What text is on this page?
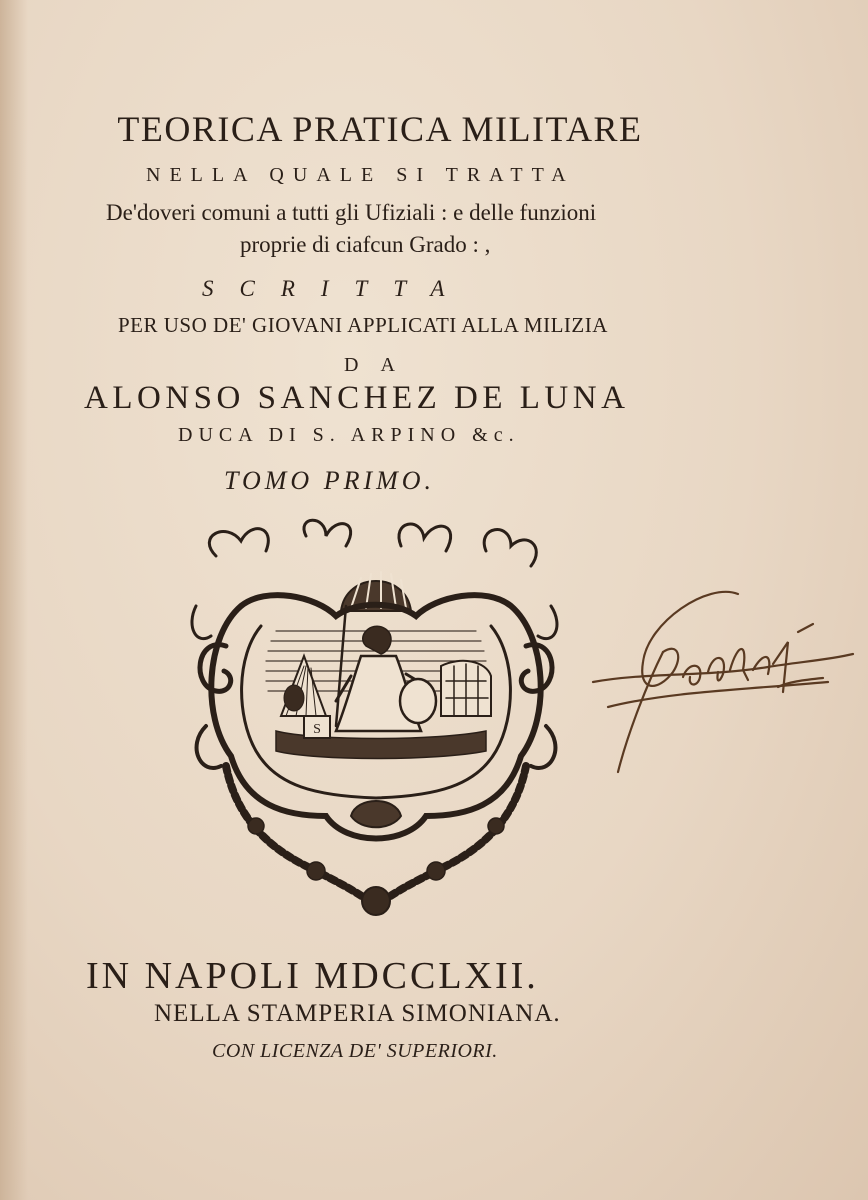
TEORICA PRATICA MILITARE
NELLA QUALE SI TRATTA
De'doveri comuni a tutti gli Ufiziali : e delle funzioni
proprie di ciafcun Grado : ,
SCRITTA
PER USO DE' GIOVANI APPLICATI ALLA MILIZIA
DA
ALONSO SANCHEZ DE LUNA
DUCA DI S. ARPINO &c.
TOMO PRIMO.
S
IN NAPOLI MDCCLXII.
NELLA STAMPERIA SIMONIANA.
CON LICENZA DE' SUPERIORI.
